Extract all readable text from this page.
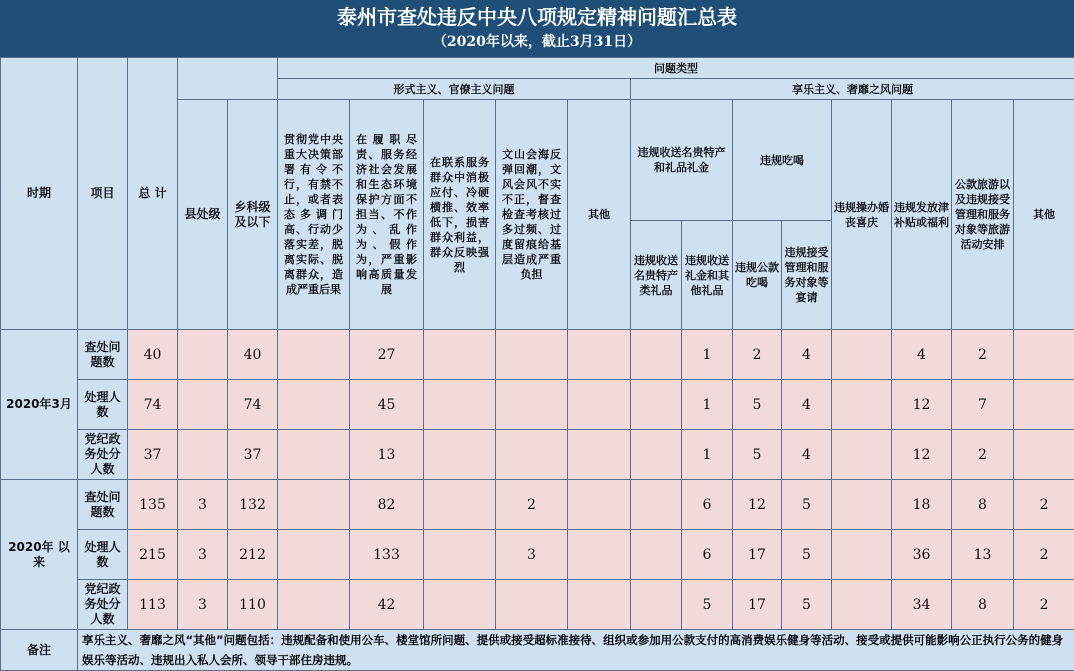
泰州市查处违反中央八项规定精神问题汇总表
（2020年以来，截止3月31日）
时期	项目	总 计			问题类型												
					形式主义、官僚主义问题					享乐主义、奢靡之风问题							
			县处级	乡科级及以下	贯彻党中央重大决策部署有令不行，有禁不止，或者表态多调门高、行动少落实差，脱离实际、脱离群众，造成严重后果	在履职尽责、服务经济社会发展和生态环境保护方面不担当、不作为、乱作为、假作为，严重影响高质量发展	在联系服务群众中消极应付、冷硬横推、效率低下，损害群众利益，群众反映强烈	文山会海反弹回潮，文风会风不实不正，督查检查考核过多过频、过度留痕给基层造成严重负担	其他	违规收送名贵特产和礼品礼金		违规吃喝		违规操办婚丧喜庆	违规发放津补贴或福利	公款旅游以及违规接受管理和服务对象等旅游活动安排	其他
										违规收送名贵特产类礼品	违规收送礼金和其他礼品	违规公款吃喝	违规接受管理和服务对象等宴请				
2020年3月	查处问题数	40		40		27					1	2	4		4	2	
	处理人数	74		74		45					1	5	4		12	7	
	党纪政务处分人数	37		37		13					1	5	4		12	2	
2020年 以来	查处问题数	135	3	132		82		2			6	12	5		18	8	2
	处理人数	215	3	212		133		3			6	17	5		36	13	2
	党纪政务处分人数	113	3	110		42					5	17	5		34	8	2
备注	享乐主义、奢靡之风“其他”问题包括：违规配备和使用公车、楼堂馆所问题、提供或接受超标准接待、组织或参加用公款支付的高消费娱乐健身等活动、接受或提供可能影响公正执行公务的健身娱乐等活动、违规出入私人会所、领导干部住房违规。																
